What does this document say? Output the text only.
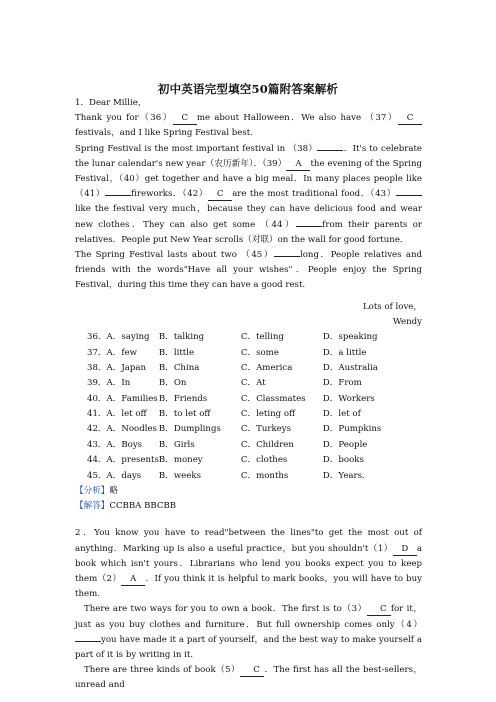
初中英语完型填空50篇附答案解析

1．Dear Millie，

Thank you for（36） C me about Halloween．We also have （37） Cfestivals，and I like Spring Festival best.

Spring Festival is the most important festival in （38）	．It's to celebrate the lunar calendar's new year（农历新年）．（39） A the evening of the Spring Festival，（40）get together and have a big meal．In many places people like （41）	fireworks．（42） C are the most traditional food．（43）like the festival very much，because they can have delicious food and wear new clothes．They can also get some （44）	from their parents or relatives．People put New Year scrolls（对联）on the wall for good fortune．

The Spring Festival lasts about two （45）	long．People relatives and friends with the words"Have all your wishes"．People enjoy the Spring Festival，during this time they can have a good rest.

Lots of love，

Wendy

36．A．saying	B．talking	C．telling	D．speaking
37．A．few	B．little	C．some	D．a little
38．A．Japan	B．China	C．America	D．Australia
39．A．In	B．On	C．At	D．From
40．A．Families	B．Friends	C．Classmates	D．Workers
41．A．let off	B．to let off	C．leting off	D．let of
42．A．Noodles	B．Dumplings	C．Turkeys	D．Pumpkins
43．A．Boys	B．Girls	C．Children	D．People
44．A．presents	B．money	C．clothes	D．books
45．A．days	B．weeks	C．months	D．Years.

【分析】略

【解答】CCBBA BBCBB

2．You know you have to read"between the lines"to get the most out of anything．Marking up is also a useful practice，but you shouldn't（1） D a book which isn't yours．Librarians who lend you books expect you to keep them（2） A ．If you think it is helpful to mark books，you will have to buy them.

There are two ways for you to own a book．The first is to（3） C for it，just as you buy clothes and furniture．But full ownership comes only（4）you have made it a part of yourself，and the best way to make yourself a part of it is by writing in it.

There are three kinds of book（5） C ．The first has all the best-sellers，unread and
